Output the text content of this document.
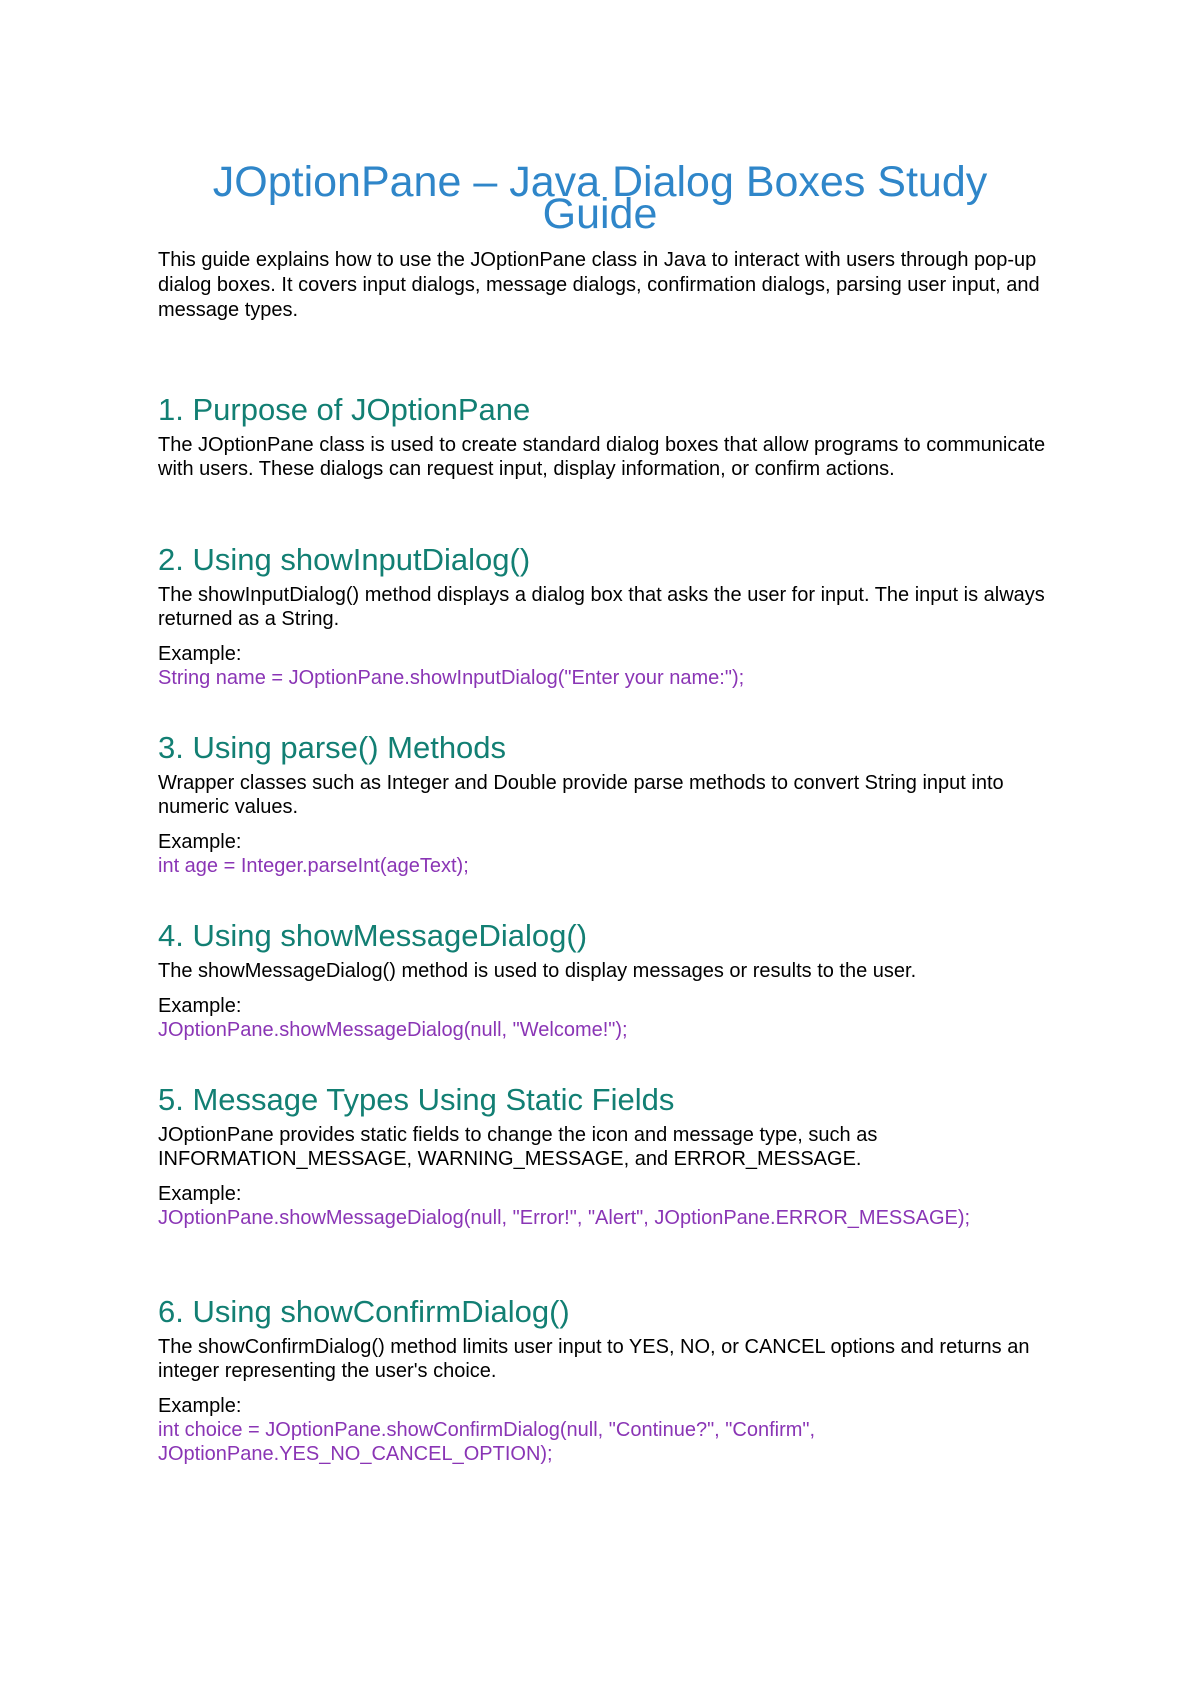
JOptionPane – Java Dialog Boxes Study Guide

This guide explains how to use the JOptionPane class in Java to interact with users through pop-up dialog boxes. It covers input dialogs, message dialogs, confirmation dialogs, parsing user input, and message types.

1. Purpose of JOptionPane

The JOptionPane class is used to create standard dialog boxes that allow programs to communicate with users. These dialogs can request input, display information, or confirm actions.

2. Using showInputDialog()

The showInputDialog() method displays a dialog box that asks the user for input. The input is always returned as a String.

Example:

String name = JOptionPane.showInputDialog("Enter your name:");

3. Using parse() Methods

Wrapper classes such as Integer and Double provide parse methods to convert String input into numeric values.

Example:

int age = Integer.parseInt(ageText);

4. Using showMessageDialog()

The showMessageDialog() method is used to display messages or results to the user.

Example:

JOptionPane.showMessageDialog(null, "Welcome!");

5. Message Types Using Static Fields

JOptionPane provides static fields to change the icon and message type, such as INFORMATION_MESSAGE, WARNING_MESSAGE, and ERROR_MESSAGE.

Example:

JOptionPane.showMessageDialog(null, "Error!", "Alert", JOptionPane.ERROR_MESSAGE);

6. Using showConfirmDialog()

The showConfirmDialog() method limits user input to YES, NO, or CANCEL options and returns an integer representing the user's choice.

Example:

int choice = JOptionPane.showConfirmDialog(null, "Continue?", "Confirm", JOptionPane.YES_NO_CANCEL_OPTION);
